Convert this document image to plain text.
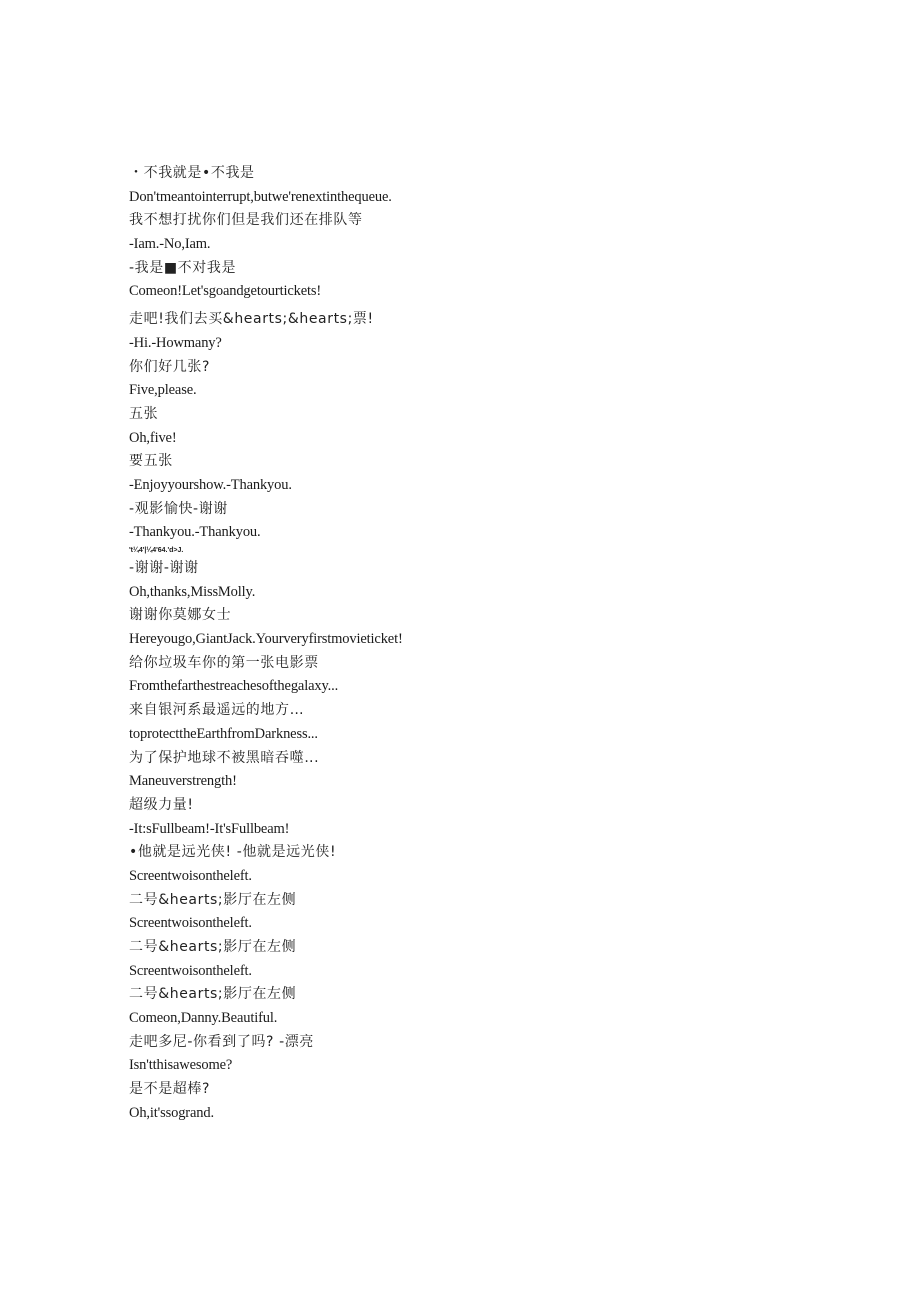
・不我就是•不我是
Don'tmeantointerrupt,butwe'renextinthequeue.
我不想打扰你们但是我们还在排队等
-Iam.-No,Iam.
-我是■不对我是
Comeon!Let'sgoandgetourtickets!
走吧!我们去买&hearts;&hearts;票!
-Hi.-Howmany?
你们好几张?
Five,please.
五张
Oh,five!
要五张
-Enjoyyourshow.-Thankyou.
-观影愉快-谢谢
-Thankyou.-Thankyou.
't¼4'|¼4'64.'d>J.
-谢谢-谢谢
Oh,thanks,MissMolly.
谢谢你莫娜女士
Hereyougo,GiantJack.Yourveryfirstmovieticket!
给你垃圾车你的第一张电影票
Fromthefarthestreachesofthegalaxy...
来自银河系最遥远的地方…
toprotecttheEarthfromDarkness...
为了保护地球不被黑暗吞噬‥.
Maneuverstrength!
超级力量!
-It:sFullbeam!-It'sFullbeam!
•他就是远光侠! -他就是远光侠!
Screentwoisontheleft.
二号&hearts;影厅在左侧
Screentwoisontheleft.
二号&hearts;影厅在左侧
Screentwoisontheleft.
二号&hearts;影厅在左侧
Comeon,Danny.Beautiful.
走吧多尼-你看到了吗? -漂亮
Isn'tthisawesome?
是不是超棒?
Oh,it'ssogrand.
